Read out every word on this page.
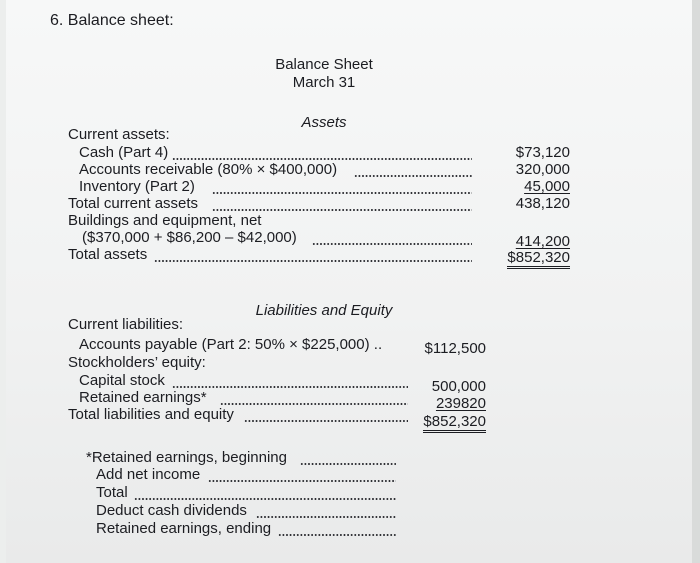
6. Balance sheet:
Balance Sheet
March 31
Assets
Current assets:
Cash (Part 4)	$73,120
Accounts receivable (80% × $400,000)	320,000
Inventory (Part 2)	45,000
Total current assets	438,120
Buildings and equipment, net
($370,000 + $86,200 – $42,000)	414,200
Total assets	$852,320
Liabilities and Equity
Current liabilities:
Accounts payable (Part 2: 50% × $225,000) ..	$112,500
Stockholders’ equity:
Capital stock	500,000
Retained earnings*	239820
Total liabilities and equity	$852,320
*Retained earnings, beginning
Add net income
Total
Deduct cash dividends
Retained earnings, ending
